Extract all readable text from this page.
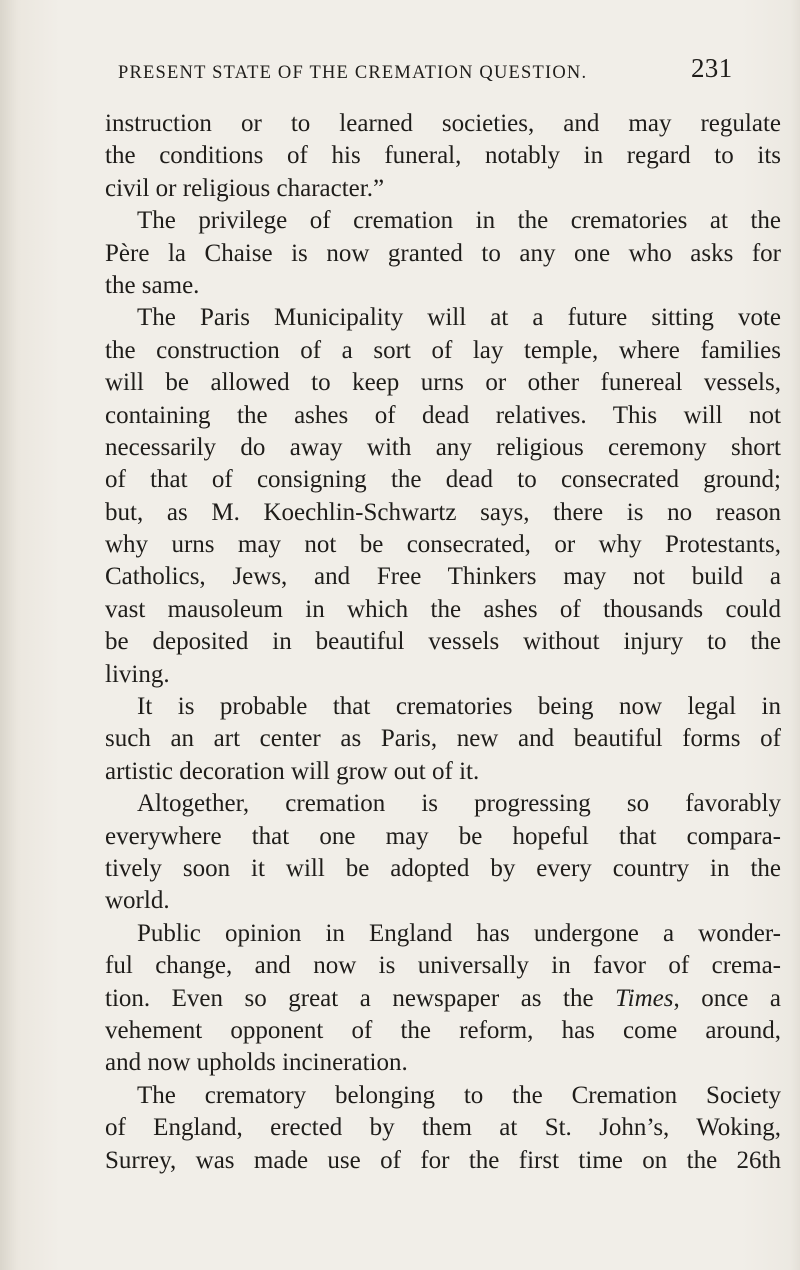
PRESENT STATE OF THE CREMATION QUESTION.	231
instruction or to learned societies, and may regulate
the conditions of his funeral, notably in regard to its
civil or religious character.”
The privilege of cremation in the crematories at the
Père la Chaise is now granted to any one who asks for
the same.
The Paris Municipality will at a future sitting vote
the construction of a sort of lay temple, where families
will be allowed to keep urns or other funereal vessels,
containing the ashes of dead relatives. This will not
necessarily do away with any religious ceremony short
of that of consigning the dead to consecrated ground;
but, as M. Koechlin-Schwartz says, there is no reason
why urns may not be consecrated, or why Protestants,
Catholics, Jews, and Free Thinkers may not build a
vast mausoleum in which the ashes of thousands could
be deposited in beautiful vessels without injury to the
living.
It is probable that crematories being now legal in
such an art center as Paris, new and beautiful forms of
artistic decoration will grow out of it.
Altogether, cremation is progressing so favorably
everywhere that one may be hopeful that compara-
tively soon it will be adopted by every country in the
world.
Public opinion in England has undergone a wonder-
ful change, and now is universally in favor of crema-
tion. Even so great a newspaper as the Times, once a
vehement opponent of the reform, has come around,
and now upholds incineration.
The crematory belonging to the Cremation Society
of England, erected by them at St. John’s, Woking,
Surrey, was made use of for the first time on the 26th
